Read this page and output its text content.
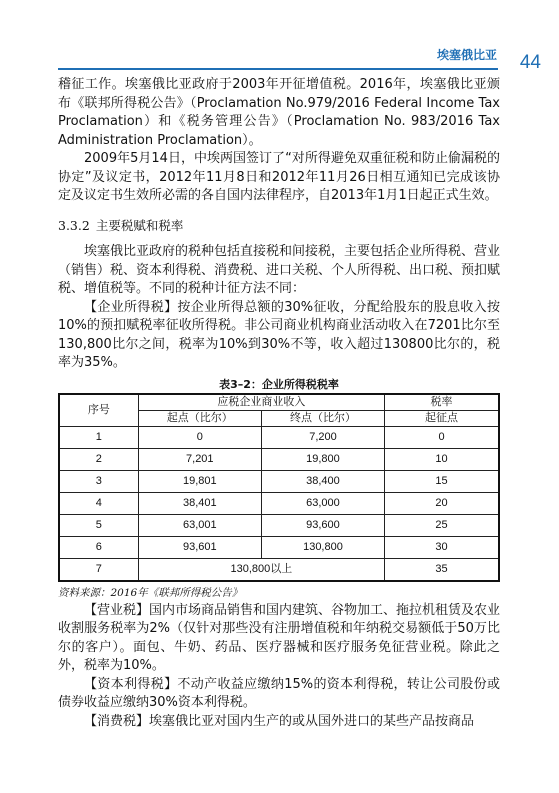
埃塞俄比亚 44

稽征工作。埃塞俄比亚政府于2003年开征增值税。2016年，埃塞俄比亚颁布《联邦所得税公告》（Proclamation No.979/2016 Federal Income Tax Proclamation）和《税务管理公告》（Proclamation No. 983/2016 Tax Administration Proclamation）。

2009年5月14日，中埃两国签订了“对所得避免双重征税和防止偷漏税的协定”及议定书，2012年11月8日和2012年11月26日相互通知已完成该协定及议定书生效所必需的各自国内法律程序，自2013年1月1日起正式生效。

3.3.2 主要税赋和税率

埃塞俄比亚政府的税种包括直接税和间接税，主要包括企业所得税、营业（销售）税、资本利得税、消费税、进口关税、个人所得税、出口税、预扣赋税、增值税等。不同的税种计征方法不同：

【企业所得税】按企业所得总额的30%征收，分配给股东的股息收入按10%的预扣赋税率征收所得税。非公司商业机构商业活动收入在7201比尔至130,800比尔之间，税率为10%到30%不等，收入超过130800比尔的，税率为35%。

表3–2：企业所得税税率
序号	应税企业商业收入		税率
	起点（比尔）	终点（比尔）	起征点
1	0	7,200	0
2	7,201	19,800	10
3	19,801	38,400	15
4	38,401	63,000	20
5	63,001	93,600	25
6	93,601	130,800	30
7	130,800以上		35
资料来源：2016年《联邦所得税公告》

【营业税】国内市场商品销售和国内建筑、谷物加工、拖拉机租赁及农业收割服务税率为2%（仅针对那些没有注册增值税和年纳税交易额低于50万比尔的客户）。面包、牛奶、药品、医疗器械和医疗服务免征营业税。除此之外，税率为10%。

【资本利得税】不动产收益应缴纳15%的资本利得税，转让公司股份或债券收益应缴纳30%资本利得税。

【消费税】埃塞俄比亚对国内生产的或从国外进口的某些产品按商品
